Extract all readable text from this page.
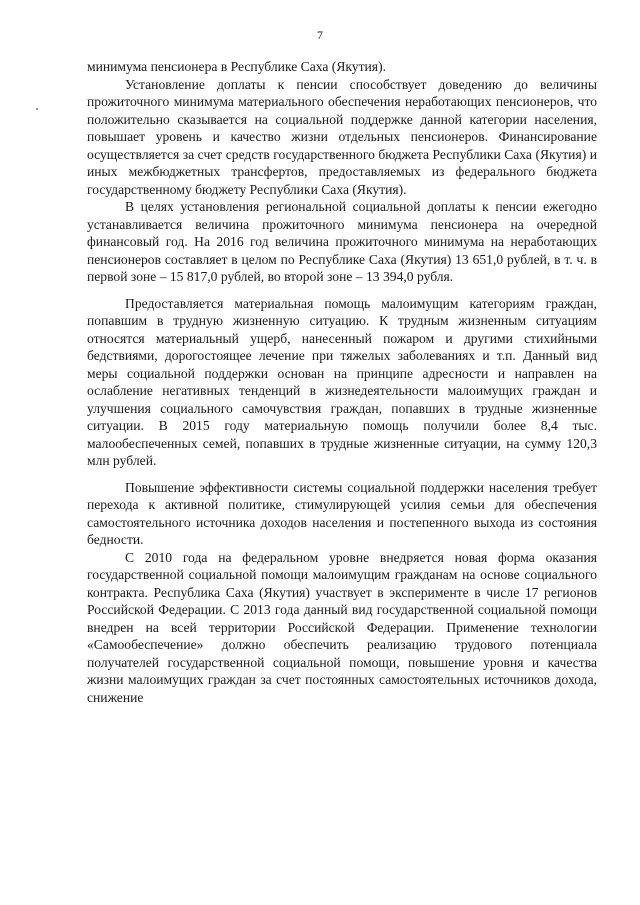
7

минимума пенсионера в Республике Саха (Якутия).

Установление доплаты к пенсии способствует доведению до величины прожиточного минимума материального обеспечения неработающих пенсионеров, что положительно сказывается на социальной поддержке данной категории населения, повышает уровень и качество жизни отдельных пенсионеров. Финансирование осуществляется за счет средств государственного бюджета Республики Саха (Якутия) и иных межбюджетных трансфертов, предоставляемых из федерального бюджета государственному бюджету Республики Саха (Якутия).

В целях установления региональной социальной доплаты к пенсии ежегодно устанавливается величина прожиточного минимума пенсионера на очередной финансовый год. На 2016 год величина прожиточного минимума на неработающих пенсионеров составляет в целом по Республике Саха (Якутия) 13 651,0 рублей, в т. ч. в первой зоне – 15 817,0 рублей, во второй зоне – 13 394,0 рубля.

Предоставляется материальная помощь малоимущим категориям граждан, попавшим в трудную жизненную ситуацию. К трудным жизненным ситуациям относятся материальный ущерб, нанесенный пожаром и другими стихийными бедствиями, дорогостоящее лечение при тяжелых заболеваниях и т.п. Данный вид меры социальной поддержки основан на принципе адресности и направлен на ослабление негативных тенденций в жизнедеятельности малоимущих граждан и улучшения социального самочувствия граждан, попавших в трудные жизненные ситуации. В 2015 году материальную помощь получили более 8,4 тыс. малообеспеченных семей, попавших в трудные жизненные ситуации, на сумму 120,3 млн рублей.

Повышение эффективности системы социальной поддержки населения требует перехода к активной политике, стимулирующей усилия семьи для обеспечения самостоятельного источника доходов населения и постепенного выхода из состояния бедности.

С 2010 года на федеральном уровне внедряется новая форма оказания государственной социальной помощи малоимущим гражданам на основе социального контракта. Республика Саха (Якутия) участвует в эксперименте в числе 17 регионов Российской Федерации. С 2013 года данный вид государственной социальной помощи внедрен на всей территории Российской Федерации. Применение технологии «Самообеспечение» должно обеспечить реализацию трудового потенциала получателей государственной социальной помощи, повышение уровня и качества жизни малоимущих граждан за счет постоянных самостоятельных источников дохода, снижение
